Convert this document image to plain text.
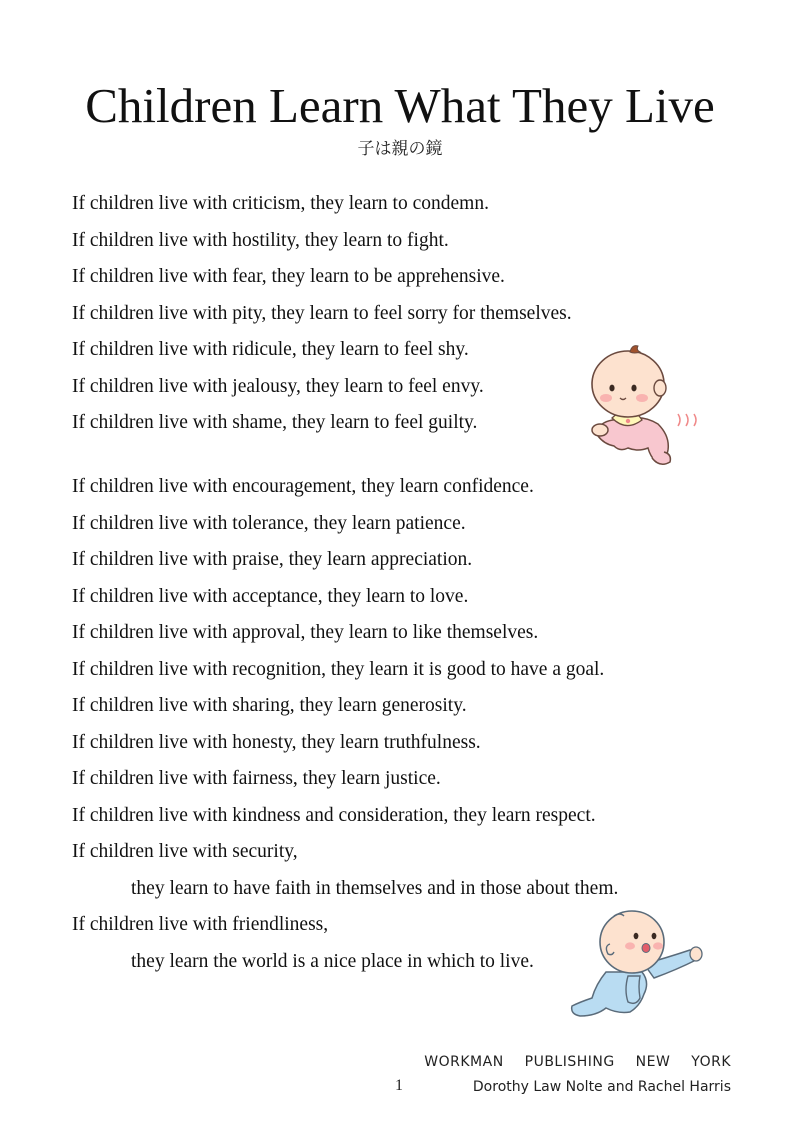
Children Learn What They Live
子は親の鏡
If children live with criticism, they learn to condemn.
If children live with hostility, they learn to fight.
If children live with fear, they learn to be apprehensive.
If children live with pity, they learn to feel sorry for themselves.
If children live with ridicule, they learn to feel shy.
If children live with jealousy, they learn to feel envy.
If children live with shame, they learn to feel guilty.
If children live with encouragement, they learn confidence.
If children live with tolerance, they learn patience.
If children live with praise, they learn appreciation.
If children live with acceptance, they learn to love.
If children live with approval, they learn to like themselves.
If children live with recognition, they learn it is good to have a goal.
If children live with sharing, they learn generosity.
If children live with honesty, they learn truthfulness.
If children live with fairness, they learn justice.
If children live with kindness and consideration, they learn respect.
If children live with security,
they learn to have faith in themselves and in those about them.
If children live with friendliness,
they learn the world is a nice place in which to live.
WORKMAN PUBLISHING NEW YORK
1	Dorothy Law Nolte and Rachel Harris
